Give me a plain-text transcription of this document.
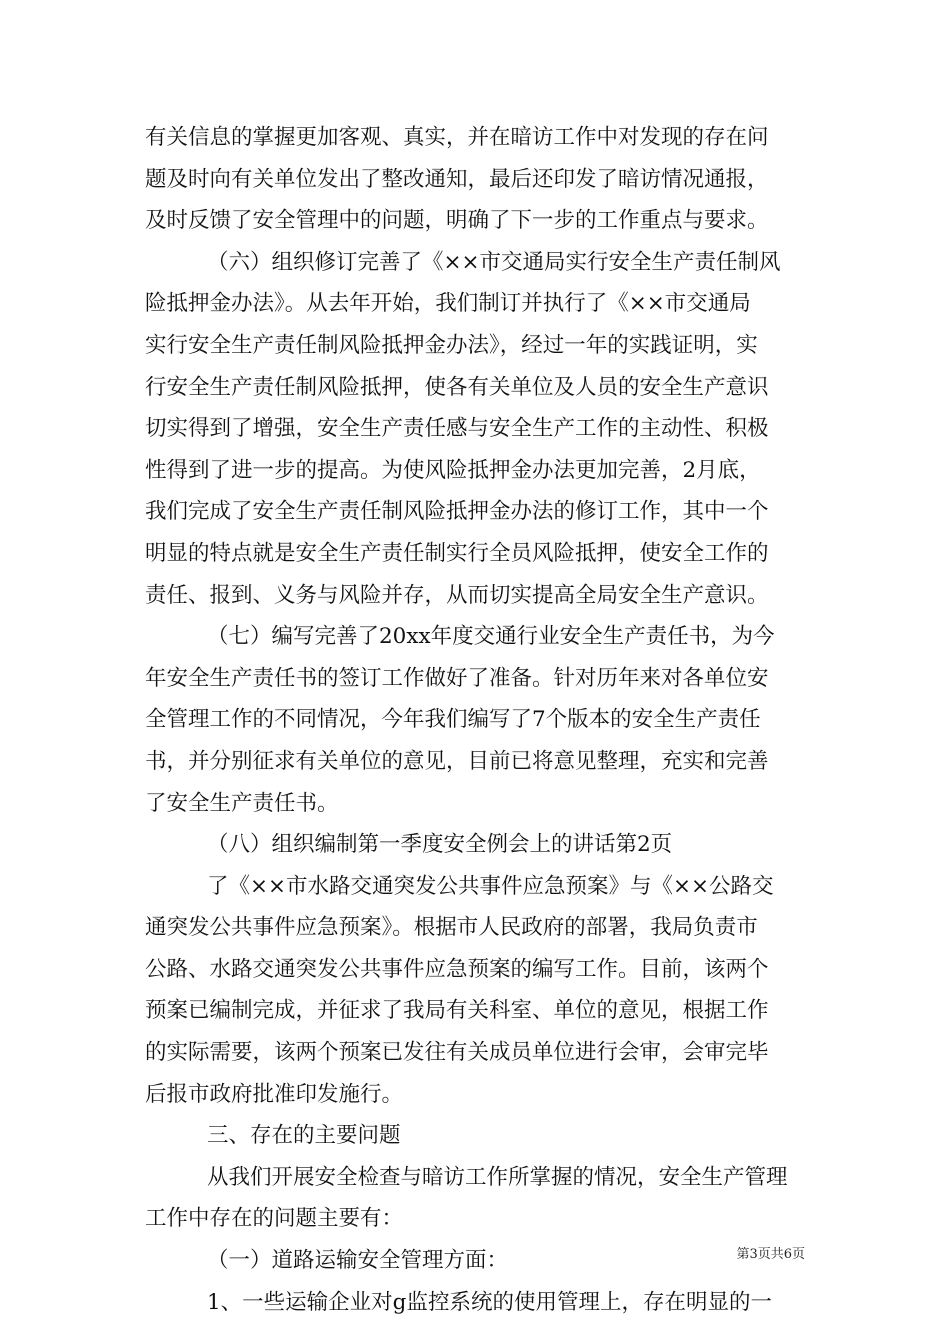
有关信息的掌握更加客观、真实，并在暗访工作中对发现的存在问
题及时向有关单位发出了整改通知，最后还印发了暗访情况通报，
及时反馈了安全管理中的问题，明确了下一步的工作重点与要求。
（六）组织修订完善了《××市交通局实行安全生产责任制风
险抵押金办法》。从去年开始，我们制订并执行了《××市交通局
实行安全生产责任制风险抵押金办法》，经过一年的实践证明，实
行安全生产责任制风险抵押，使各有关单位及人员的安全生产意识
切实得到了增强，安全生产责任感与安全生产工作的主动性、积极
性得到了进一步的提高。为使风险抵押金办法更加完善，2月底，
我们完成了安全生产责任制风险抵押金办法的修订工作，其中一个
明显的特点就是安全生产责任制实行全员风险抵押，使安全工作的
责任、报到、义务与风险并存，从而切实提高全局安全生产意识。
（七）编写完善了20xx年度交通行业安全生产责任书，为今
年安全生产责任书的签订工作做好了准备。针对历年来对各单位安
全管理工作的不同情况，今年我们编写了7个版本的安全生产责任
书，并分别征求有关单位的意见，目前已将意见整理，充实和完善
了安全生产责任书。
（八）组织编制第一季度安全例会上的讲话第2页
了《××市水路交通突发公共事件应急预案》与《××公路交
通突发公共事件应急预案》。根据市人民政府的部署，我局负责市
公路、水路交通突发公共事件应急预案的编写工作。目前，该两个
预案已编制完成，并征求了我局有关科室、单位的意见，根据工作
的实际需要，该两个预案已发往有关成员单位进行会审，会审完毕
后报市政府批准印发施行。
三、存在的主要问题
从我们开展安全检查与暗访工作所掌握的情况，安全生产管理
工作中存在的问题主要有：
（一）道路运输安全管理方面：
1、一些运输企业对g监控系统的使用管理上，存在明显的一
第3页共6页
